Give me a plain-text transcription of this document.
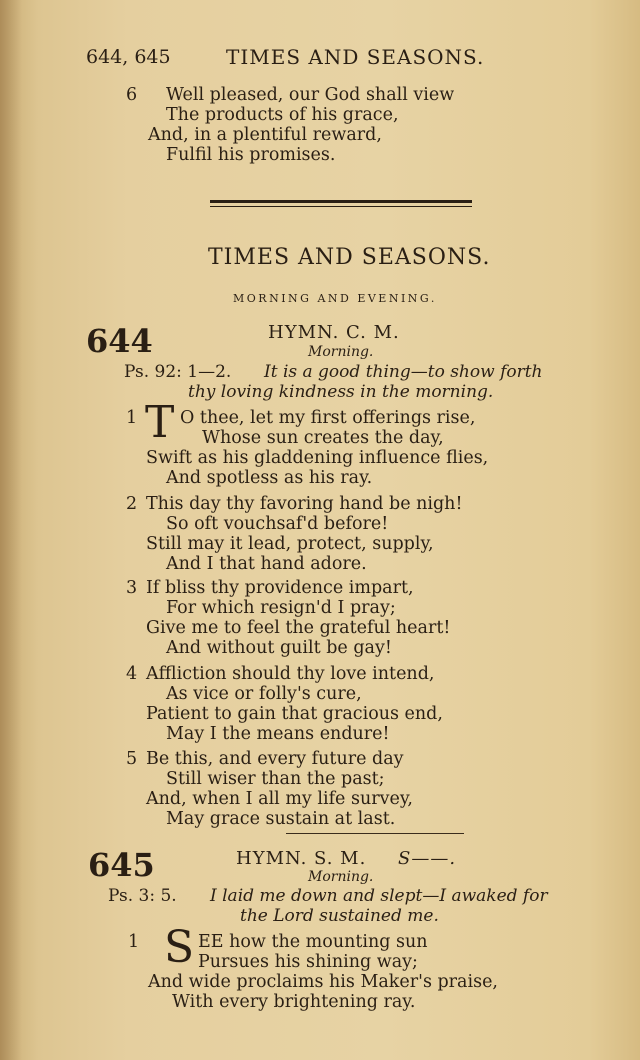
644, 645	TIMES AND SEASONS.
6 Well pleased, our God shall view
The products of his grace,
And, in a plentiful reward,
Fulfil his promises.
TIMES AND SEASONS.
MORNING AND EVENING.
644	HYMN. C. M.
Morning.
Ps. 92: 1—2. It is a good thing—to show forth
thy loving kindness in the morning.
1 T O thee, let my first offerings rise,
Whose sun creates the day,
Swift as his gladdening influence flies,
And spotless as his ray.
2 This day thy favoring hand be nigh!
So oft vouchsaf'd before!
Still may it lead, protect, supply,
And I that hand adore.
3 If bliss thy providence impart,
For which resign'd I pray;
Give me to feel the grateful heart!
And without guilt be gay!
4 Affliction should thy love intend,
As vice or folly's cure,
Patient to gain that gracious end,
May I the means endure!
5 Be this, and every future day
Still wiser than the past;
And, when I all my life survey,
May grace sustain at last.
645	HYMN. S. M. S——.
Morning.
Ps. 3: 5. I laid me down and slept—I awaked for
the Lord sustained me.
1 S EE how the mounting sun
Pursues his shining way;
And wide proclaims his Maker's praise,
With every brightening ray.
